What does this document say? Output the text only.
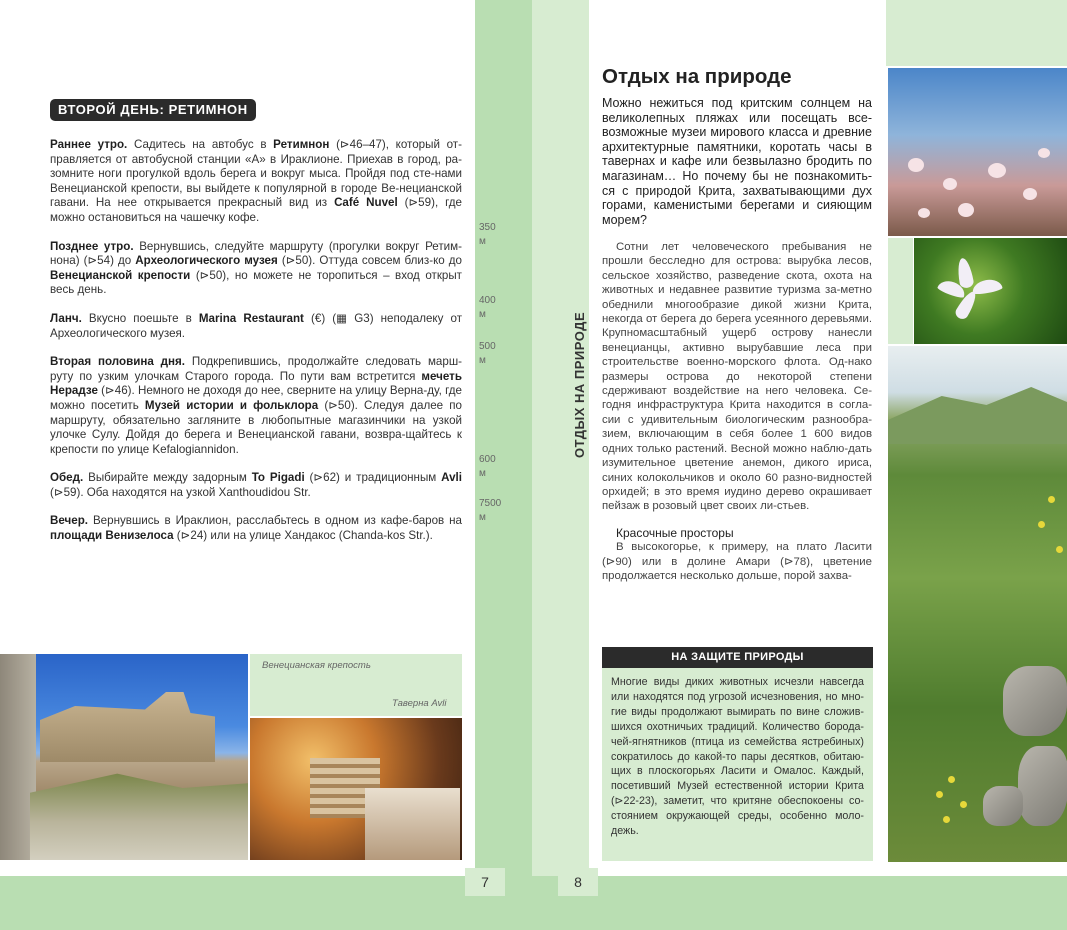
350
м
400
м
500
м
600
м
7500
м
ОТДЫХ НА ПРИРОДЕ
7	8
ВТОРОЙ ДЕНЬ: РЕТИМНОН

Раннее утро. Садитесь на автобус в Ретимнон (⊳46–47), который от-правляется от автобусной станции «А» в Ираклионе. Приехав в город, ра-зомните ноги прогулкой вдоль берега и вокруг мыса. Пройдя под сте-нами Венецианской крепости, вы выйдете к популярной в городе Ве-нецианской гавани. На нее открывается прекрасный вид из Café Nuvel (⊳59), где можно остановиться на чашечку кофе.

Позднее утро. Вернувшись, следуйте маршруту (прогулки вокруг Ретим-нона) (⊳54) до Археологического музея (⊳50). Оттуда совсем близ-ко до Венецианской крепости (⊳50), но можете не торопиться – вход открыт весь день.

Ланч. Вкусно поешьте в Marina Restaurant (€) (▦ G3) неподалеку от Археологического музея.

Вторая половина дня. Подкрепившись, продолжайте следовать марш-руту по узким улочкам Старого города. По пути вам встретится мечеть Нерадзе (⊳46). Немного не доходя до нее, сверните на улицу Верна-ду, где можно посетить Музей истории и фольклора (⊳50). Следуя далее по маршруту, обязательно загляните в любопытные магазинчики на узкой улочке Сулу. Дойдя до берега и Венецианской гавани, возвра-щайтесь к крепости по улице Kefalogiannidon.

Обед. Выбирайте между задорным To Pigadi (⊳62) и традиционным Avli (⊳59). Оба находятся на узкой Xanthoudidou Str.

Вечер. Вернувшись в Ираклион, расслабьтесь в одном из кафе-баров на площади Венизелоса (⊳24) или на улице Хандакос (Chanda-kos Str.).

Венецианская крепость
Таверна Avli
Отдых на природе
Можно нежиться под критским солнцем на великолепных пляжах или посещать все-возможные музеи мирового класса и древние архитектурные памятники, коротать часы в тавернах и кафе или безвылазно бродить по магазинам… Но почему бы не познакомить-ся с природой Крита, захватывающими дух горами, каменистыми берегами и сияющим морем?

Сотни лет человеческого пребывания не прошли бесследно для острова: вырубка лесов, сельское хозяйство, разведение скота, охота на животных и недавнее развитие туризма за-метно обеднили многообразие дикой жизни Крита, некогда от берега до берега усеянного деревьями. Крупномасштабный ущерб острову нанесли венецианцы, активно вырубавшие леса при строительстве военно-морского флота. Од-нако размеры острова до некоторой степени сдерживают воздействие на него человека. Се-годня инфраструктура Крита находится в согла-сии с удивительным биологическим разнообра-зием, включающим в себя более 1 600 видов одних только растений. Весной можно наблю-дать изумительное цветение анемон, дикого ириса, синих колокольчиков и около 60 разно-видностей орхидей; в это время иудино дерево окрашивает пейзаж в розовый цвет своих ли-стьев.

Красочные просторы

В высокогорье, к примеру, на плато Ласити (⊳90) или в долине Амари (⊳78), цветение продолжается несколько дольше, порой захва-

НА ЗАЩИТЕ ПРИРОДЫ
Многие виды диких животных исчезли навсегда или находятся под угрозой исчезновения, но мно-гие виды продолжают вымирать по вине сложив-шихся охотничьих традиций. Количество борода-чей-ягнятников (птица из семейства ястребиных) сократилось до какой-то пары десятков, обитаю-щих в плоскогорьях Ласити и Омалос. Каждый, посетивший Музей естественной истории Крита (⊳22-23), заметит, что критяне обеспокоены со-стоянием окружающей среды, особенно моло-дежь.
